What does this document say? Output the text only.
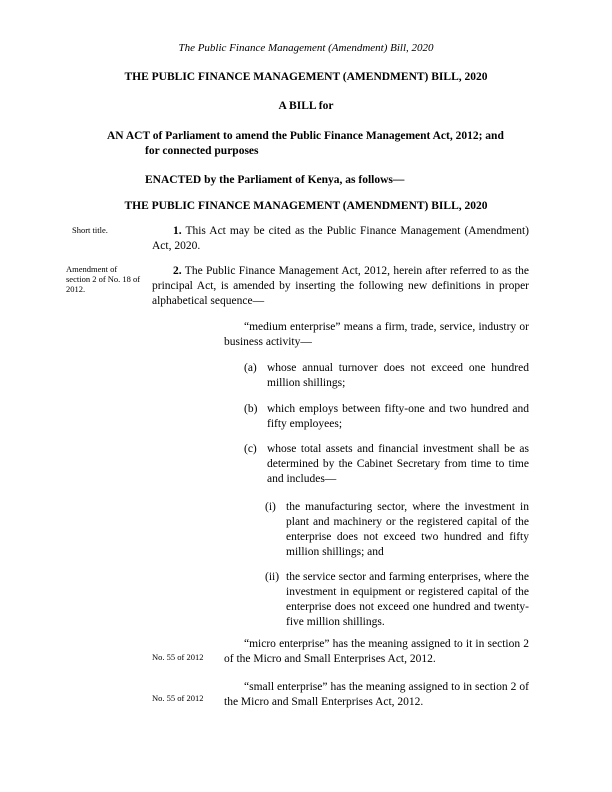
The Public Finance Management (Amendment) Bill, 2020
THE PUBLIC FINANCE MANAGEMENT (AMENDMENT) BILL, 2020
A BILL for
AN ACT of Parliament to amend the Public Finance Management Act, 2012; and
for connected purposes
ENACTED by the Parliament of Kenya, as follows—
THE PUBLIC FINANCE MANAGEMENT (AMENDMENT) BILL, 2020
Short title.	1. This Act may be cited as the Public Finance Management (Amendment) Act, 2020.
Amendment of section 2 of No. 18 of 2012.
2. The Public Finance Management Act, 2012, herein after referred to as the principal Act, is amended by inserting the following new definitions in proper alphabetical sequence—
“medium enterprise” means a firm, trade, service, industry or business activity—
(a) whose annual turnover does not exceed one hundred million shillings;
(b) which employs between fifty-one and two hundred and fifty employees;
(c) whose total assets and financial investment shall be as determined by the Cabinet Secretary from time to time and includes—
(i) the manufacturing sector, where the investment in plant and machinery or the registered capital of the enterprise does not exceed two hundred and fifty million shillings; and
(ii) the service sector and farming enterprises, where the investment in equipment or registered capital of the enterprise does not exceed one hundred and twenty-five million shillings.
No. 55 of 2012
“micro enterprise” has the meaning assigned to it in section 2 of the Micro and Small Enterprises Act, 2012.
No. 55 of 2012
“small enterprise” has the meaning assigned to in section 2 of the Micro and Small Enterprises Act, 2012.
